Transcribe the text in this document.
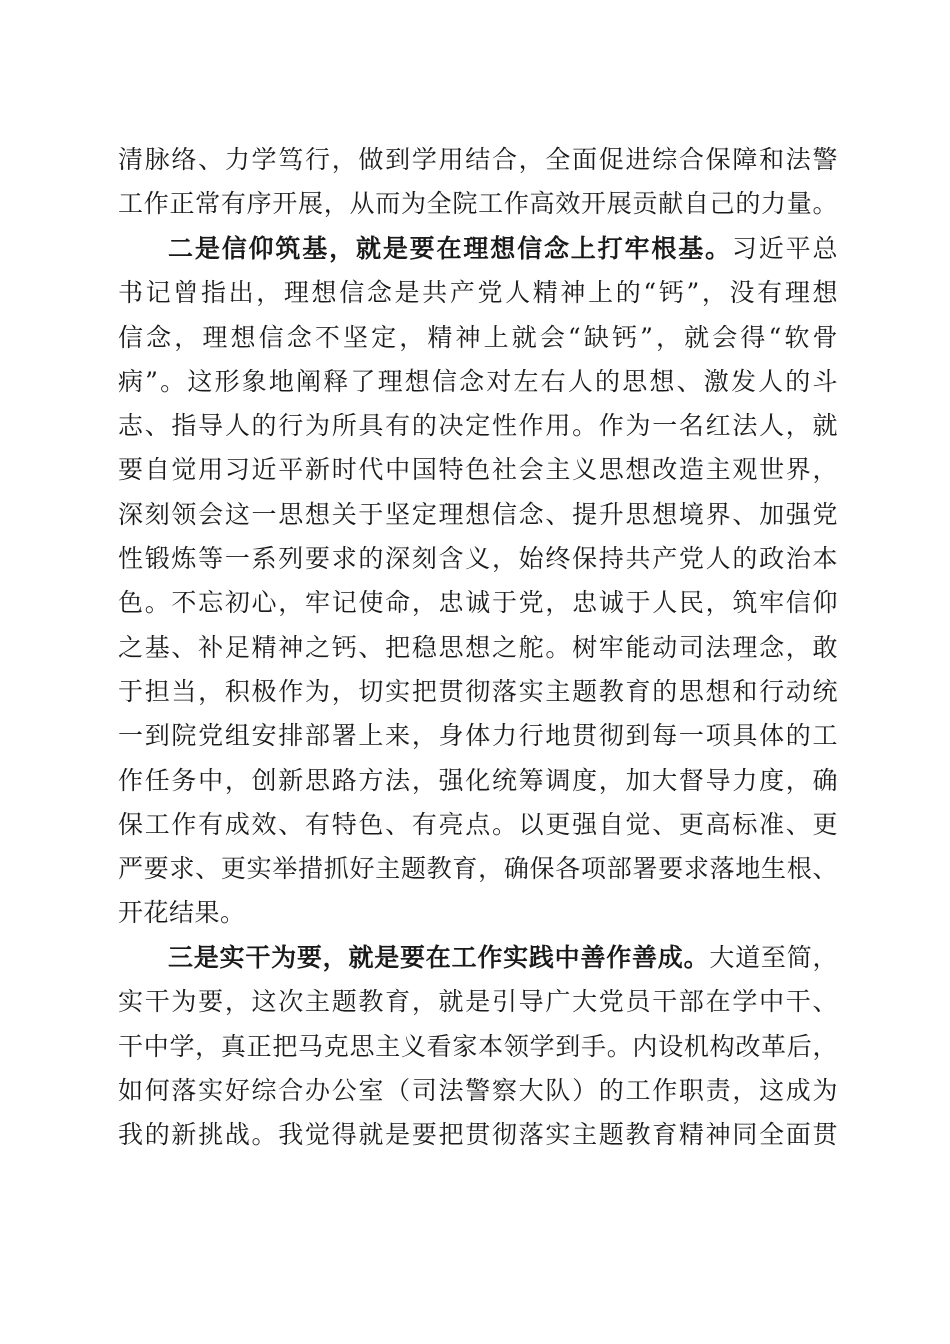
清脉络、力学笃行，做到学用结合，全面促进综合保障和法警
工作正常有序开展，从而为全院工作高效开展贡献自己的力量。
二是信仰筑基，就是要在理想信念上打牢根基。习近平总
书记曾指出，理想信念是共产党人精神上的“钙”，没有理想
信念，理想信念不坚定，精神上就会“缺钙”，就会得“软骨
病”。这形象地阐释了理想信念对左右人的思想、激发人的斗
志、指导人的行为所具有的决定性作用。作为一名红法人，就
要自觉用习近平新时代中国特色社会主义思想改造主观世界，
深刻领会这一思想关于坚定理想信念、提升思想境界、加强党
性锻炼等一系列要求的深刻含义，始终保持共产党人的政治本
色。不忘初心，牢记使命，忠诚于党，忠诚于人民，筑牢信仰
之基、补足精神之钙、把稳思想之舵。树牢能动司法理念，敢
于担当，积极作为，切实把贯彻落实主题教育的思想和行动统
一到院党组安排部署上来，身体力行地贯彻到每一项具体的工
作任务中，创新思路方法，强化统筹调度，加大督导力度，确
保工作有成效、有特色、有亮点。以更强自觉、更高标准、更
严要求、更实举措抓好主题教育，确保各项部署要求落地生根、
开花结果。
三是实干为要，就是要在工作实践中善作善成。大道至简，
实干为要，这次主题教育，就是引导广大党员干部在学中干、
干中学，真正把马克思主义看家本领学到手。内设机构改革后，
如何落实好综合办公室（司法警察大队）的工作职责，这成为
我的新挑战。我觉得就是要把贯彻落实主题教育精神同全面贯
